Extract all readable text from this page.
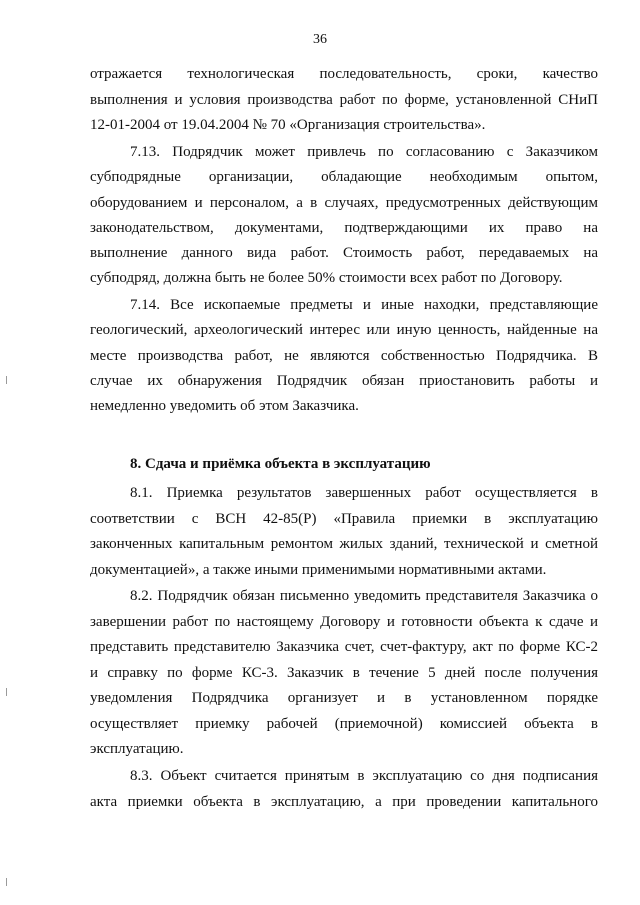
36
отражается технологическая последовательность, сроки, качество
выполнения и условия производства работ по форме, установленной СНиП
12-01-2004 от 19.04.2004 № 70 «Организация строительства».
7.13. Подрядчик может привлечь по согласованию с Заказчиком
субподрядные организации, обладающие необходимым опытом,
оборудованием и персоналом, а в случаях, предусмотренных действующим
законодательством, документами, подтверждающими их право на
выполнение данного вида работ. Стоимость работ, передаваемых на
субподряд, должна быть не более 50% стоимости всех работ по Договору.
7.14. Все ископаемые предметы и иные находки, представляющие
геологический, археологический интерес или иную ценность, найденные на
месте производства работ, не являются собственностью Подрядчика. В
случае их обнаружения Подрядчик обязан приостановить работы и
немедленно уведомить об этом Заказчика.
8. Сдача и приёмка объекта в эксплуатацию
8.1. Приемка результатов завершенных работ осуществляется в
соответствии с ВСН 42-85(Р) «Правила приемки в эксплуатацию
законченных капитальным ремонтом жилых зданий, технической и сметной
документацией», а также иными применимыми нормативными актами.
8.2. Подрядчик обязан письменно уведомить представителя Заказчика о
завершении работ по настоящему Договору и готовности объекта к сдаче и
представить представителю Заказчика счет, счет-фактуру, акт по форме КС-2
и справку по форме КС-3. Заказчик в течение 5 дней после получения
уведомления Подрядчика организует и в установленном порядке
осуществляет приемку рабочей (приемочной) комиссией объекта в
эксплуатацию.
8.3. Объект считается принятым в эксплуатацию со дня подписания
акта приемки объекта в эксплуатацию, а при проведении капитального
